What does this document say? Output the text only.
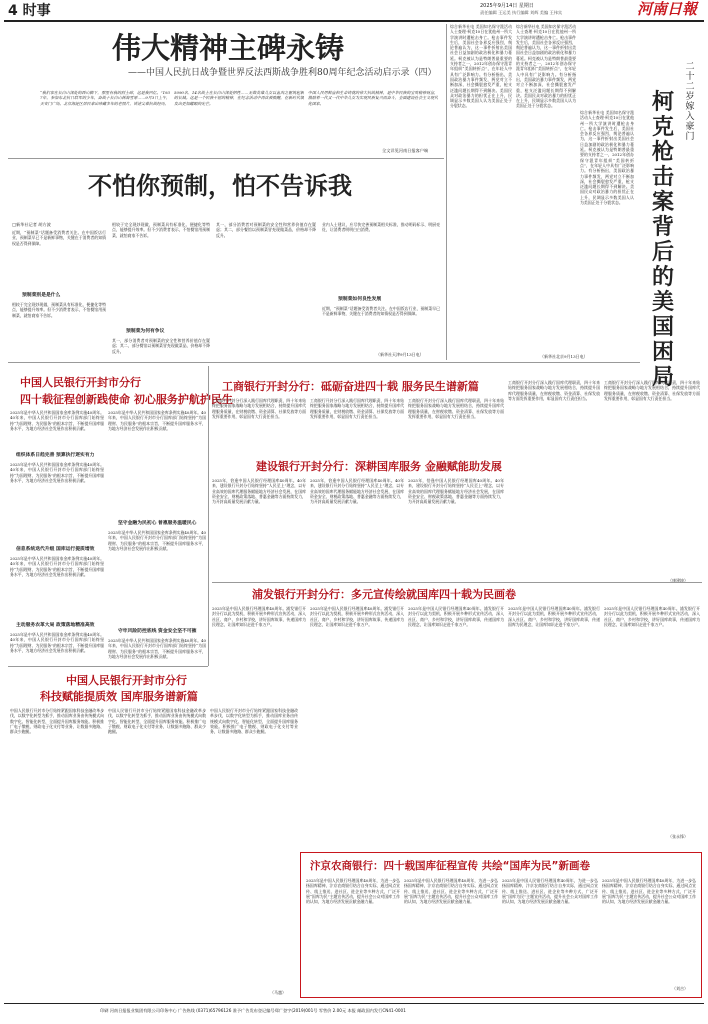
4 时事	2025年9月14日 星期日
责任编辑 王运美 执行编辑 刘辉 美编 王伟宾	河南日報
伟大精神主碑永铸
——中国人民抗日战争暨世界反法西斯战争胜利80周年纪念活动启示录（四）
“我们家在长白山深处的西山脚下，那里有我的烈士碑，这是我回忆。”1937年，参加东北抗日联军的少年，奋战于长白山林海雪原……9月3日上午，天安门广场。北京海淀区居民拿出珍藏多年的老照片，讲述父辈抗战经历。
5090名、14名战士在长白山深处牺牲……无数英雄儿女以血肉之躯筑起新的长城。这是一个民族不屈的精神，在纪念活动中再次被唤醒，在新时代焕发出更加耀眼的光芒。
中国人民用鲜血和生命铸就的伟大抗战精神，是中华民族的宝贵精神财富，激励着一代又一代中华儿女为实现民族复兴而奋斗，全面建设社会主义现代化国家。
全文详见河南日报客户端
综合新华社电 美国知名保守派活动人士查理·柯克10日在犹他州一所大学演讲时遭枪击身亡。枪击事件发生后，美国社会各界反应强烈，舆论普遍认为，这一事件折射出美国社会日益加剧的政治极化和暴力蔓延。柯克被认为是特朗普最重要的支持者之一，2012年创办保守派青年组织“美国转折点”，在年轻人中具有广泛影响力。有分析指出，美国政治暴力事件频发，两党对立不断加深，社会撕裂愈发严重，枪支泛滥问题长期得不到解决。美国民众对政治暴力的担忧正在上升，民调显示多数美国人认为美国正处于分裂状态。
综合新华社电 美国知名保守派活动人士查理·柯克10日在犹他州一所大学演讲时遭枪击身亡。枪击事件发生后，美国社会各界反应强烈，舆论普遍认为，这一事件折射出美国社会日益加剧的政治极化和暴力蔓延。柯克被认为是特朗普最重要的支持者之一，2012年创办保守派青年组织“美国转折点”，在年轻人中具有广泛影响力。有分析指出，美国政治暴力事件频发，两党对立不断加深，社会撕裂愈发严重，枪支泛滥问题长期得不到解决。美国民众对政治暴力的担忧正在上升，民调显示多数美国人认为美国正处于分裂状态。
综合新华社电 美国知名保守派活动人士查理·柯克10日在犹他州一所大学演讲时遭枪击身亡。枪击事件发生后，美国社会各界反应强烈，舆论普遍认为，这一事件折射出美国社会日益加剧的政治极化和暴力蔓延。柯克被认为是特朗普最重要的支持者之一，2012年创办保守派青年组织“美国转折点”，在年轻人中具有广泛影响力。有分析指出，美国政治暴力事件频发，两党对立不断加深，社会撕裂愈发严重，枪支泛滥问题长期得不到解决。美国民众对政治暴力的担忧正在上升，民调显示多数美国人认为美国正处于分裂状态。
（新华社北京9月13日电）
二
十
二
岁
嫁
入
豪
门
柯
克
枪
击
案
背
后
的
美
国
困
局
不怕你预制，怕不告诉我
□新华社记者 胡方波
近期，“预制菜”话题备受消费者关注。在中国饭店行业，预制菜早已不是新鲜事物，关键在于消费者的知情权是否得到保障。
预制菜别是是什么
相较于完全现炒现做，预制菜具有标准化、便捷化等特点，能够提升效率。但不少消费者表示，不怕餐馆用预制菜，就怕商家不告诉。
相较于完全现炒现做，预制菜具有标准化、便捷化等特点，能够提升效率。但不少消费者表示，不怕餐馆用预制菜，就怕商家不告诉。
预制菜为何有争议
其一，部分消费者对预制菜的安全性和营养价值存在疑虑；其二，部分餐馆以预制菜冒充现做菜品，价格却不降反升。
其一，部分消费者对预制菜的安全性和营养价值存在疑虑；其二，部分餐馆以预制菜冒充现做菜品，价格却不降反升。
业内人士建议，应尽快完善预制菜相关标准，推动明码标示、明厨亮灶，让消费者明明白白消费。
预制菜如何良性发展
近期，“预制菜”话题备受消费者关注。在中国饭店行业，预制菜早已不是新鲜事物，关键在于消费者的知情权是否得到保障。
（新华社天津9月13日电）
中国人民银行开封市分行
四十载征程创新践使命 初心服务护航护民生
2025年是中华人民共和国国家金库条例实施40周年。40年来，中国人民银行开封市分行国库部门始终坚持“为国理财、为民服务”的根本宗旨，不断提升国库服务水平，为地方经济社会发展作出积极贡献。
组织体系日趋完善 预算执行逐实有力
2025年是中华人民共和国国家金库条例实施40周年。40年来，中国人民银行开封市分行国库部门始终坚持“为国理财、为民服务”的根本宗旨，不断提升国库服务水平，为地方经济社会发展作出积极贡献。
信息系统迭代升级 国库运行提质增效
2025年是中华人民共和国国家金库条例实施40周年。40年来，中国人民银行开封市分行国库部门始终坚持“为国理财、为民服务”的根本宗旨，不断提升国库服务水平，为地方经济社会发展作出积极贡献。
主动服务农革大局 政策落地精准高效
2025年是中华人民共和国国家金库条例实施40周年。40年来，中国人民银行开封市分行国库部门始终坚持“为国理财、为民服务”的根本宗旨，不断提升国库服务水平，为地方经济社会发展作出积极贡献。
2025年是中华人民共和国国家金库条例实施40周年。40年来，中国人民银行开封市分行国库部门始终坚持“为国理财、为民服务”的根本宗旨，不断提升国库服务水平，为地方经济社会发展作出积极贡献。
坚守金融为民初心 普惠服务温暖民心
2025年是中华人民共和国国家金库条例实施40周年。40年来，中国人民银行开封市分行国库部门始终坚持“为国理财、为民服务”的根本宗旨，不断提升国库服务水平，为地方经济社会发展作出积极贡献。
守牢风险防控底线 资金安全坚不可摧
2025年是中华人民共和国国家金库条例实施40周年。40年来，中国人民银行开封市分行国库部门始终坚持“为国理财、为民服务”的根本宗旨，不断提升国库服务水平，为地方经济社会发展作出积极贡献。
中国人民银行开封市分行
科技赋能提质效 国库服务谱新篇
中国人民银行开封市分行始终紧跟国家科技金融改革步伐，以数字化转型为抓手，推动国库业务由传统模式向数字化、智能化转型，全面提升国库服务效能。积极推广电子缴税、财政电子化支付等业务，让数据多跑路、群众少跑腿。
中国人民银行开封市分行始终紧跟国家科技金融改革步伐，以数字化转型为抓手，推动国库业务由传统模式向数字化、智能化转型，全面提升国库服务效能。积极推广电子缴税、财政电子化支付等业务，让数据多跑路、群众少跑腿。
中国人民银行开封市分行始终紧跟国家科技金融改革步伐，以数字化转型为抓手，推动国库业务由传统模式向数字化、智能化转型，全面提升国库服务效能。积极推广电子缴税、财政电子化支付等业务，让数据多跑路、群众少跑腿。
（马越）
工商银行开封分行：砥砺奋进四十载 服务民生谱新篇
工商银行开封分行深入践行国库代理职责，四十年来始终把服务国家战略与地方发展相结合，持续提升国库代理服务质量，在财税收缴、资金清算、社保发放等方面发挥重要作用，彰显国有大行责任担当。
工商银行开封分行深入践行国库代理职责，四十年来始终把服务国家战略与地方发展相结合，持续提升国库代理服务质量，在财税收缴、资金清算、社保发放等方面发挥重要作用，彰显国有大行责任担当。
工商银行开封分行深入践行国库代理职责，四十年来始终把服务国家战略与地方发展相结合，持续提升国库代理服务质量，在财税收缴、资金清算、社保发放等方面发挥重要作用，彰显国有大行责任担当。
工商银行开封分行深入践行国库代理职责，四十年来始终把服务国家战略与地方发展相结合，持续提升国库代理服务质量，在财税收缴、资金清算、社保发放等方面发挥重要作用，彰显国有大行责任担当。
工商银行开封分行深入践行国库代理职责，四十年来始终把服务国家战略与地方发展相结合，持续提升国库代理服务质量，在财税收缴、资金清算、社保发放等方面发挥重要作用，彰显国有大行责任担当。
（康建坤）
建设银行开封分行：深耕国库服务 金融赋能助发展
2025年，恰逢中国人民银行经理国库40周年。40年来，建设银行开封分行始终坚持“人民至上”理念，以专业高效的国库代理服务赋能地方经济社会发展，在国库资金安全、财税政策落地、普惠金融等方面持续发力，为开封高质量发展贡献力量。
2025年，恰逢中国人民银行经理国库40周年。40年来，建设银行开封分行始终坚持“人民至上”理念，以专业高效的国库代理服务赋能地方经济社会发展，在国库资金安全、财税政策落地、普惠金融等方面持续发力，为开封高质量发展贡献力量。
2025年，恰逢中国人民银行经理国库40周年。40年来，建设银行开封分行始终坚持“人民至上”理念，以专业高效的国库代理服务赋能地方经济社会发展，在国库资金安全、财税政策落地、普惠金融等方面持续发力，为开封高质量发展贡献力量。
浦发银行开封分行：多元宣传绘就国库四十载为民画卷
2025年是中国人民银行经理国库40周年。浦发银行开封分行以此为契机，积极开展多种形式宣传活动，深入社区、商户、乡村和学校，讲好国库故事，传递国库为民理念，让国库知识走进千家万户。
2025年是中国人民银行经理国库40周年。浦发银行开封分行以此为契机，积极开展多种形式宣传活动，深入社区、商户、乡村和学校，讲好国库故事，传递国库为民理念，让国库知识走进千家万户。
2025年是中国人民银行经理国库40周年。浦发银行开封分行以此为契机，积极开展多种形式宣传活动，深入社区、商户、乡村和学校，讲好国库故事，传递国库为民理念，让国库知识走进千家万户。
2025年是中国人民银行经理国库40周年。浦发银行开封分行以此为契机，积极开展多种形式宣传活动，深入社区、商户、乡村和学校，讲好国库故事，传递国库为民理念，让国库知识走进千家万户。
2025年是中国人民银行经理国库40周年。浦发银行开封分行以此为契机，积极开展多种形式宣传活动，深入社区、商户、乡村和学校，讲好国库故事，传递国库为民理念，让国库知识走进千家万户。
（张永锋）
汴京农商银行：四十载国库征程宣传 共绘“国库为民”新画卷
2025年是中国人民银行经理国库40周年，为进一步弘扬国库精神，汴京农商银行结合自身实际，通过网点宣传、线上推送、进社区、进企业等多种方式，广泛开展“国库为民”主题宣传活动，提升社会公众对国库工作的认知，为地方经济发展贡献金融力量。
2025年是中国人民银行经理国库40周年，为进一步弘扬国库精神，汴京农商银行结合自身实际，通过网点宣传、线上推送、进社区、进企业等多种方式，广泛开展“国库为民”主题宣传活动，提升社会公众对国库工作的认知，为地方经济发展贡献金融力量。
2025年是中国人民银行经理国库40周年，为进一步弘扬国库精神，汴京农商银行结合自身实际，通过网点宣传、线上推送、进社区、进企业等多种方式，广泛开展“国库为民”主题宣传活动，提升社会公众对国库工作的认知，为地方经济发展贡献金融力量。
2025年是中国人民银行经理国库40周年，为进一步弘扬国库精神，汴京农商银行结合自身实际，通过网点宣传、线上推送、进社区、进企业等多种方式，广泛开展“国库为民”主题宣传活动，提升社会公众对国库工作的认知，为地方经济发展贡献金融力量。
（刘吉）
印刷 河南日报报业集团有限公司印务中心 广告热线 (0371)65796126 准予广告发布登记编号郑广登字(2019)001号 零售价 2.00元 本报 邮政国内发行CN41-0001
